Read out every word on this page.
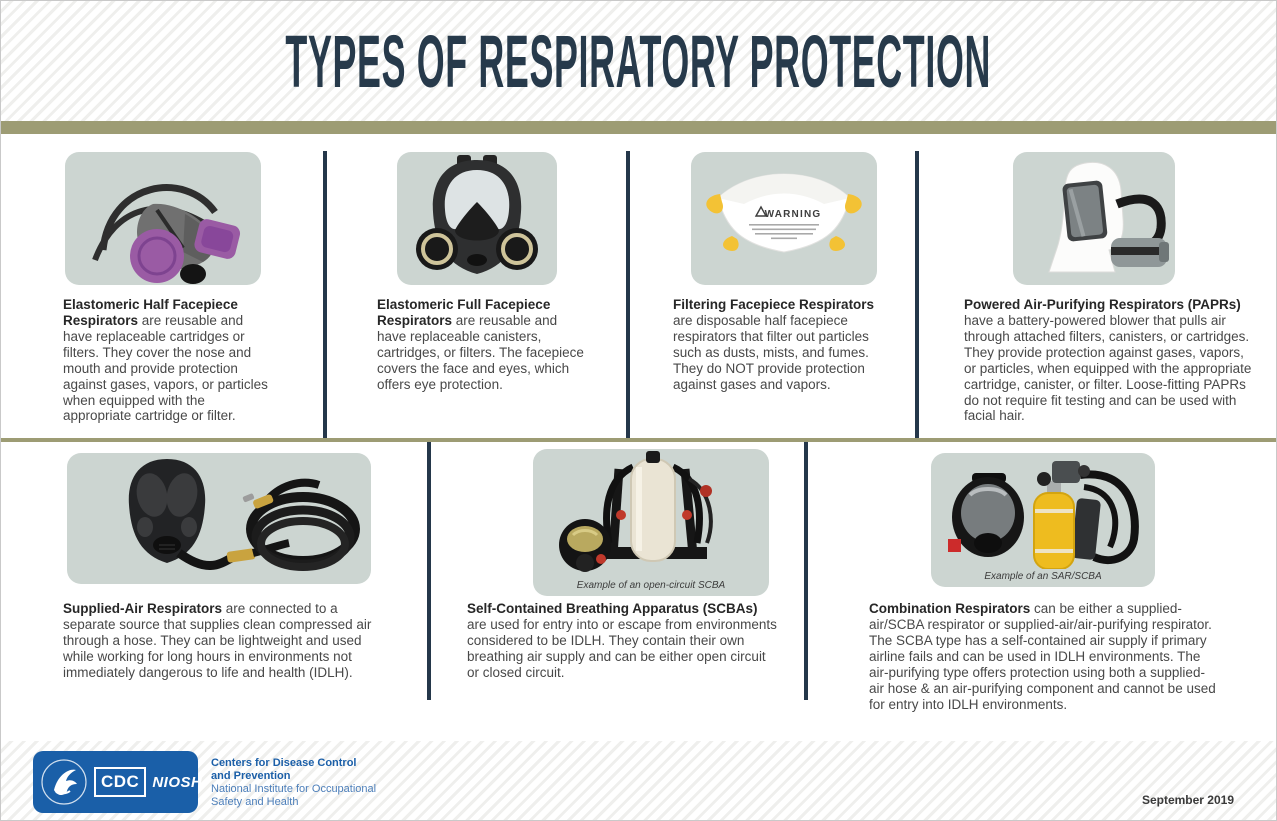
TYPES OF RESPIRATORY PROTECTION
WARNING
Elastomeric Half Facepiece Respirators are reusable and have replaceable cartridges or filters. They cover the nose and mouth and provide protection against gases, vapors, or particles when equipped with the appropriate cartridge or filter.
Elastomeric Full Facepiece Respirators are reusable and have replaceable canisters, cartridges, or filters. The facepiece covers the face and eyes, which offers eye protection.
Filtering Facepiece Respirators are disposable half facepiece respirators that filter out particles such as dusts, mists, and fumes. They do NOT provide protection against gases and vapors.
Powered Air-Purifying Respirators (PAPRs) have a battery-powered blower that pulls air through attached filters, canisters, or cartridges. They provide protection against gases, vapors, or particles, when equipped with the appropriate cartridge, canister, or filter. Loose-fitting PAPRs do not require fit testing and can be used with facial hair.
Example of an open-circuit SCBA
Example of an SAR/SCBA
Supplied-Air Respirators are connected to a separate source that supplies clean compressed air through a hose. They can be lightweight and used while working for long hours in environments not immediately dangerous to life and health (IDLH).
Self-Contained Breathing Apparatus (SCBAs) are used for entry into or escape from environments considered to be IDLH. They contain their own breathing air supply and can be either open circuit or closed circuit.
Combination Respirators can be either a supplied-air/SCBA respirator or supplied-air/air-purifying respirator. The SCBA type has a self-contained air supply if primary airline fails and can be used in IDLH environments. The air-purifying type offers protection using both a supplied-air hose & an air-purifying component and cannot be used for entry into IDLH environments.
CDC NIOSH
Centers for Disease Control
and Prevention
National Institute for Occupational
Safety and Health	September 2019
